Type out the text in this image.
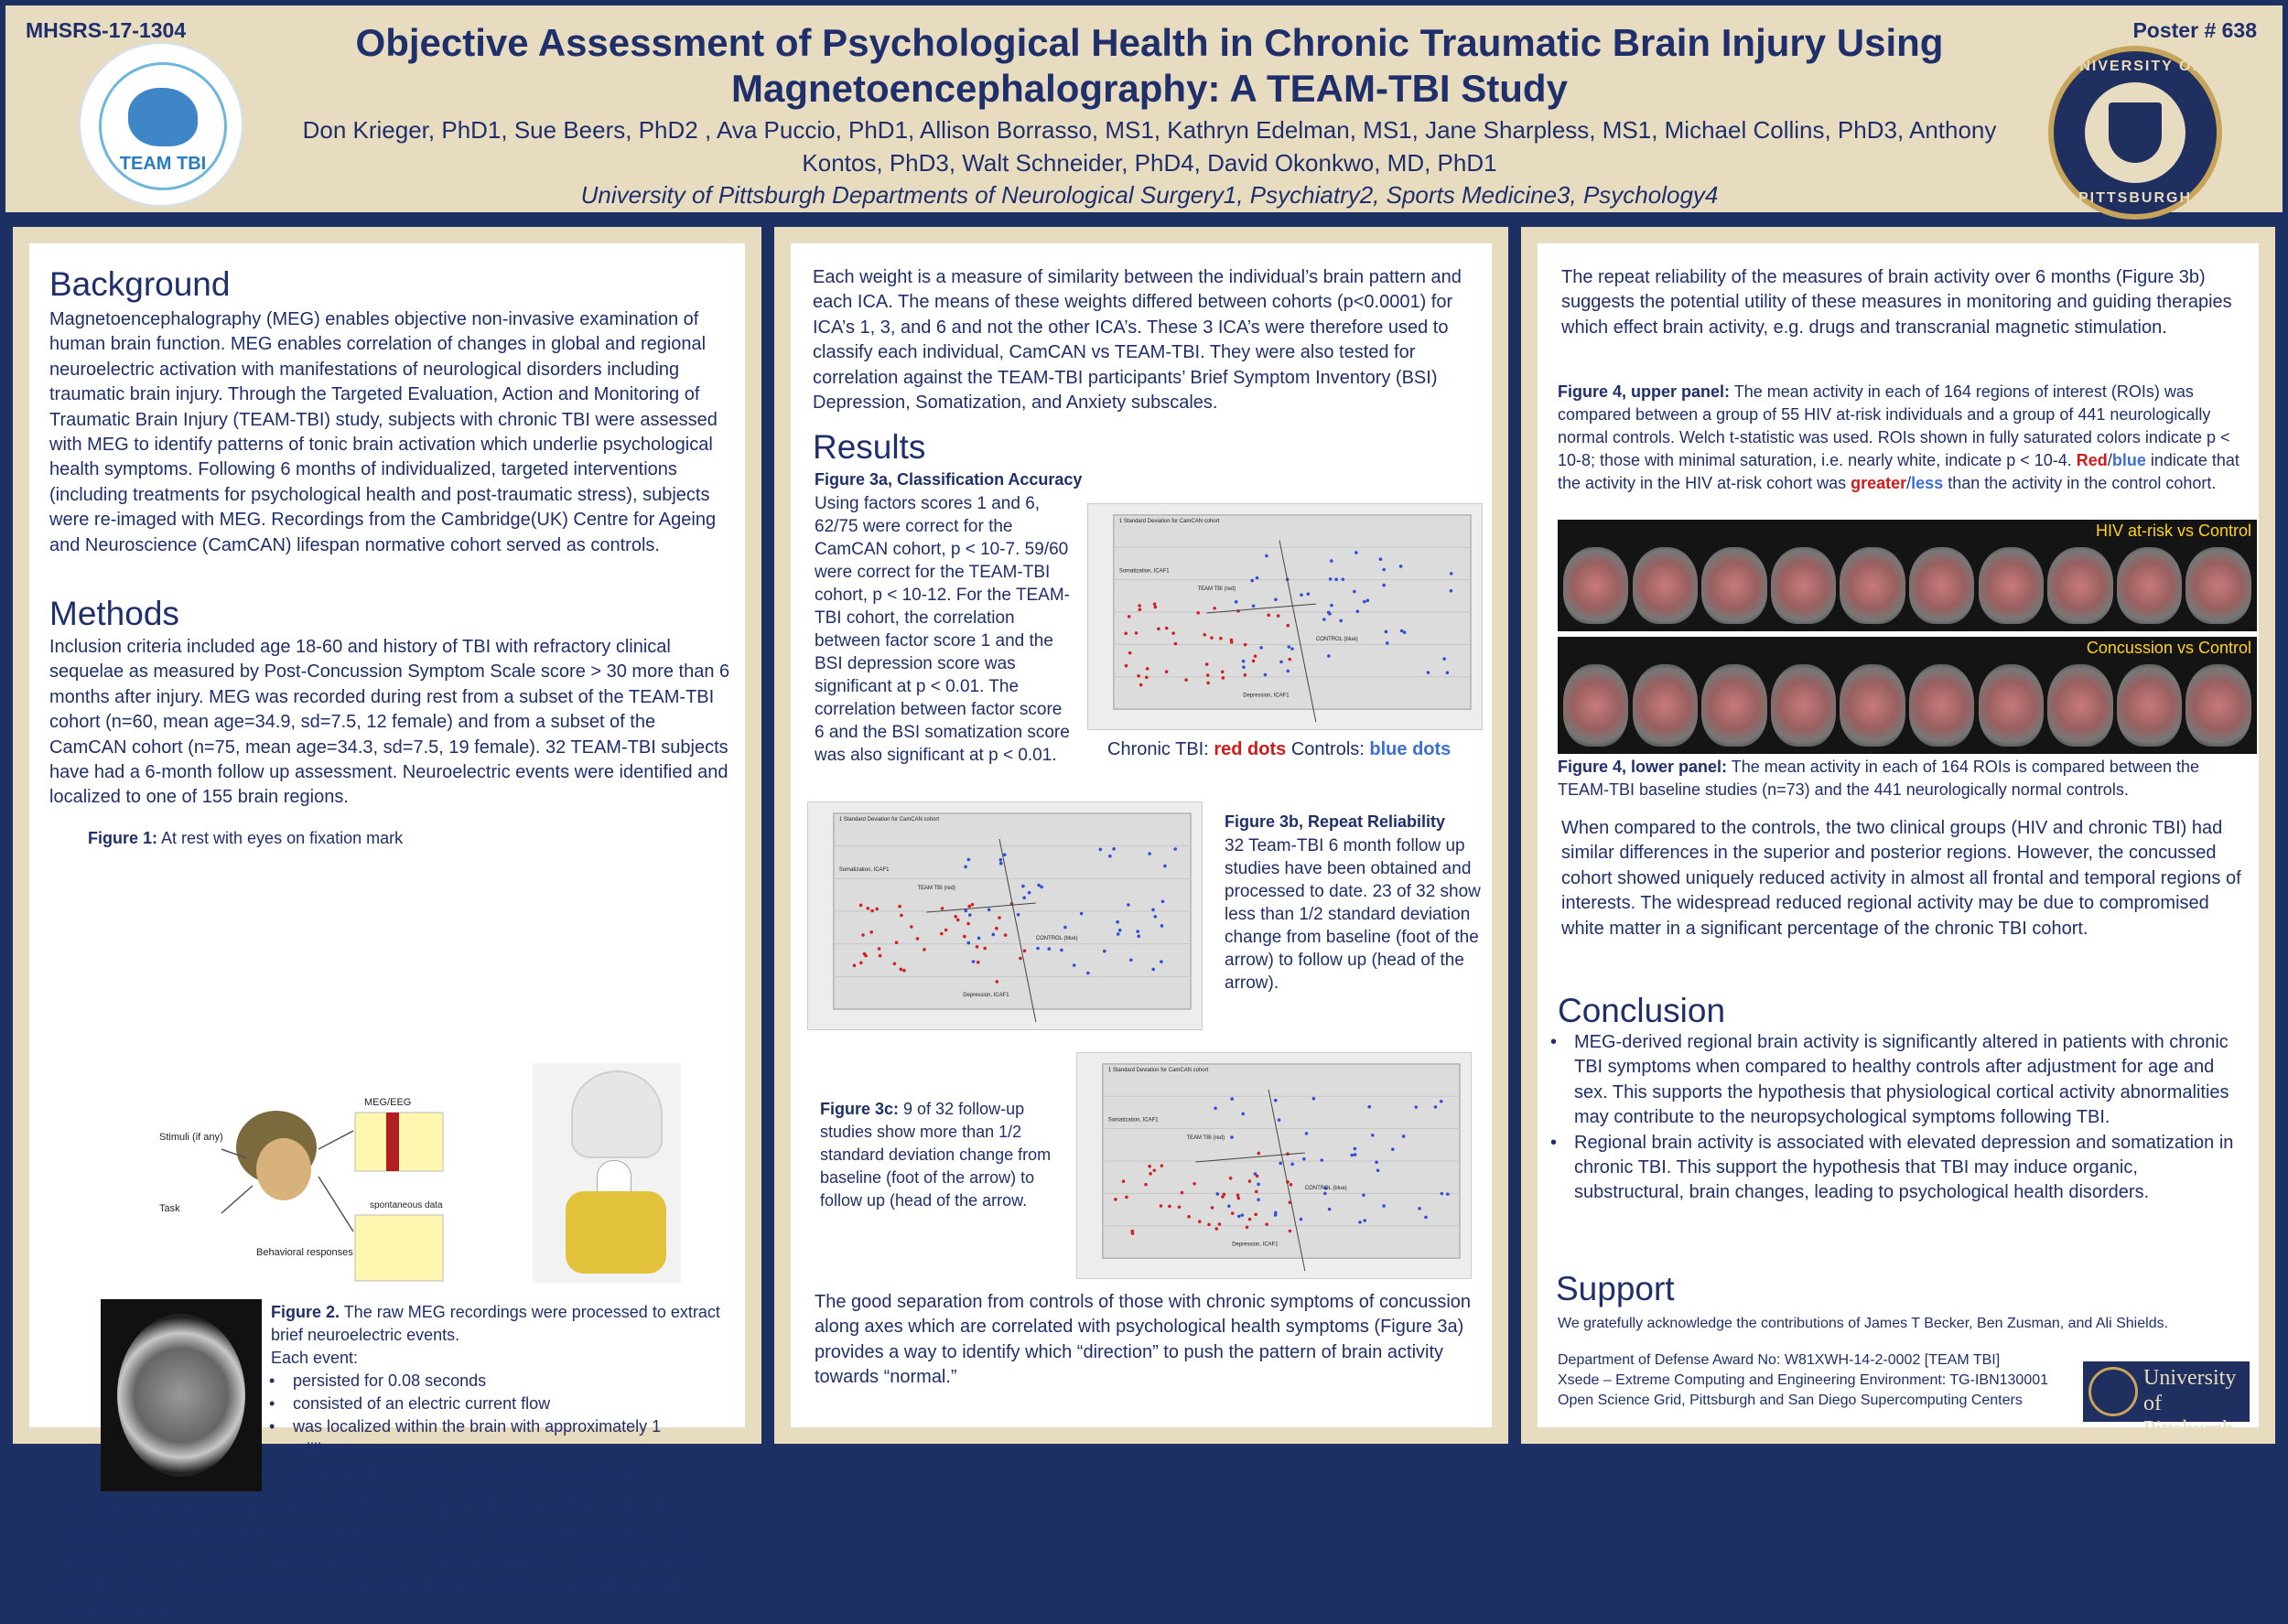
MHSRS-17-1304	Poster # 638
TEAM TBI
Objective Assessment of Psychological Health in Chronic Traumatic Brain Injury Using
Magnetoencephalography: A TEAM-TBI Study
Don Krieger, PhD1, Sue Beers, PhD2 , Ava Puccio, PhD1, Allison Borrasso, MS1, Kathryn Edelman, MS1, Jane Sharpless, MS1, Michael Collins, PhD3, Anthony
Kontos, PhD3, Walt Schneider, PhD4, David Okonkwo, MD, PhD1
University of Pittsburgh Departments of Neurological Surgery1, Psychiatry2, Sports Medicine3, Psychology4
UNIVERSITY OF
PITTSBURGH
Background
Magnetoencephalography (MEG) enables objective non-invasive examination of human brain function. MEG enables correlation of changes in global and regional neuroelectric activation with manifestations of neurological disorders including traumatic brain injury. Through the Targeted Evaluation, Action and Monitoring of Traumatic Brain Injury (TEAM-TBI) study, subjects with chronic TBI were assessed with MEG to identify patterns of tonic brain activation which underlie psychological health symptoms. Following 6 months of individualized, targeted interventions (including treatments for psychological health and post-traumatic stress), subjects were re-imaged with MEG. Recordings from the Cambridge(UK) Centre for Ageing and Neuroscience (CamCAN) lifespan normative cohort served as controls.
Methods
Inclusion criteria included age 18-60 and history of TBI with refractory clinical sequelae as measured by Post-Concussion Symptom Scale score > 30 more than 6 months after injury. MEG was recorded during rest from a subset of the TEAM-TBI cohort (n=60, mean age=34.9, sd=7.5, 12 female) and from a subset of the CamCAN cohort (n=75, mean age=34.3, sd=7.5, 19 female). 32 TEAM-TBI subjects have had a 6-month follow up assessment. Neuroelectric events were identified and localized to one of 155 brain regions.
Figure 1: At rest with eyes on fixation mark
Stimuli (if any)
Task
Behavioral responses
MEG/EEG
spontaneous data
Figure 2. The raw MEG recordings were processed to extract brief neuroelectric events.
Each event:
• persisted for 0.08 seconds
• consisted of an electric current flow
• was localized within the brain with approximately 1 millimeter accuracy
• retained all frequency content from 10 to 250 Hz.
• was accepted using a statistical test with p < 10 -12
Normative patterns of neuroelectric activation were identified in the CamCAN cohort using independent components analysis (ICA). Each ICA is a set of 155 activation values, one for each brain region. The weighted sum of an individual’s pattern, also 155 activation values, with one of these ICA’s is a single number, called a weight.
Each weight is a measure of similarity between the individual’s brain pattern and each ICA. The means of these weights differed between cohorts (p<0.0001) for ICA’s 1, 3, and 6 and not the other ICA’s. These 3 ICA’s were therefore used to classify each individual, CamCAN vs TEAM-TBI. They were also tested for correlation against the TEAM-TBI participants’ Brief Symptom Inventory (BSI) Depression, Somatization, and Anxiety subscales.
Results
Figure 3a, Classification Accuracy
Using factors scores 1 and 6, 62/75 were correct for the CamCAN cohort, p < 10-7. 59/60 were correct for the TEAM-TBI cohort, p < 10-12. For the TEAM-TBI cohort, the correlation between factor score 1 and the BSI depression score was significant at p < 0.01. The correlation between factor score 6 and the BSI somatization score was also significant at p < 0.01.
1 Standard Deviation for CamCAN cohort
Somatization, ICAF1
TEAM TBI (red)
CONTROL (blue)
Depression, ICAF1
Chronic TBI: red dots Controls: blue dots
1 Standard Deviation for CamCAN cohort
Somatization, ICAF1
TEAM TBI (red)
CONTROL (blue)
Depression, ICAF1
Figure 3b, Repeat Reliability
32 Team-TBI 6 month follow up studies have been obtained and processed to date. 23 of 32 show less than 1/2 standard deviation change from baseline (foot of the arrow) to follow up (head of the arrow).
1 Standard Deviation for CamCAN cohort
Somatization, ICAF1
TEAM TBI (red)
CONTROL (blue)
Depression, ICAF1
Figure 3c: 9 of 32 follow-up studies show more than 1/2 standard deviation change from baseline (foot of the arrow) to follow up (head of the arrow.
The good separation from controls of those with chronic symptoms of concussion along axes which are correlated with psychological health symptoms (Figure 3a) provides a way to identify which “direction” to push the pattern of brain activity towards “normal.”
The repeat reliability of the measures of brain activity over 6 months (Figure 3b) suggests the potential utility of these measures in monitoring and guiding therapies which effect brain activity, e.g. drugs and transcranial magnetic stimulation.
Figure 4, upper panel: The mean activity in each of 164 regions of interest (ROIs) was compared between a group of 55 HIV at-risk individuals and a group of 441 neurologically normal controls. Welch t-statistic was used. ROIs shown in fully saturated colors indicate p < 10-8; those with minimal saturation, i.e. nearly white, indicate p < 10-4. Red/blue indicate that the activity in the HIV at-risk cohort was greater/less than the activity in the control cohort.
HIV at-risk vs Control
Concussion vs Control
Figure 4, lower panel: The mean activity in each of 164 ROIs is compared between the TEAM-TBI baseline studies (n=73) and the 441 neurologically normal controls.
When compared to the controls, the two clinical groups (HIV and chronic TBI) had similar differences in the superior and posterior regions. However, the concussed cohort showed uniquely reduced activity in almost all frontal and temporal regions of interests. The widespread reduced regional activity may be due to compromised white matter in a significant percentage of the chronic TBI cohort.
Conclusion
• MEG-derived regional brain activity is significantly altered in patients with chronic TBI symptoms when compared to healthy controls after adjustment for age and sex. This supports the hypothesis that physiological cortical activity abnormalities may contribute to the neuropsychological symptoms following TBI.
• Regional brain activity is associated with elevated depression and somatization in chronic TBI. This support the hypothesis that TBI may induce organic, substructural, brain changes, leading to psychological health disorders.
Support
We gratefully acknowledge the contributions of James T Becker, Ben Zusman, and Ali Shields.
Department of Defense Award No: W81XWH-14-2-0002 [TEAM TBI]
Xsede – Extreme Computing and Engineering Environment: TG-IBN130001
Open Science Grid, Pittsburgh and San Diego Supercomputing Centers
University of
Pittsburgh
